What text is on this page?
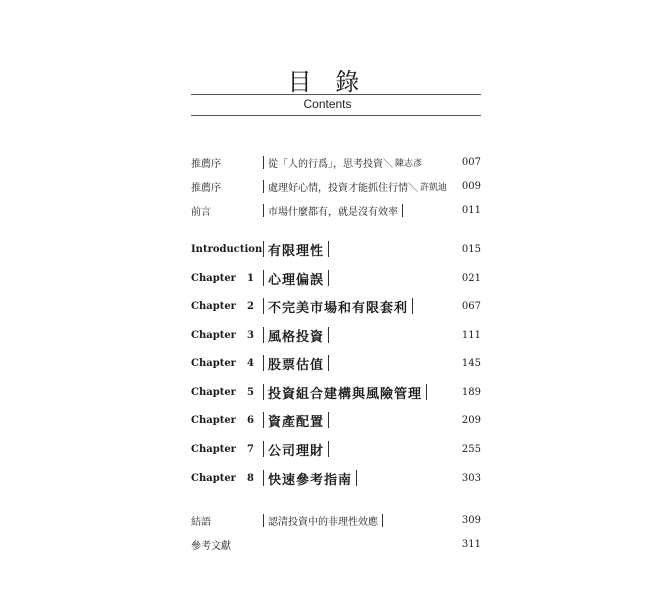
目 錄
Contents
推薦序	從「人的行爲」，思考投資＼ 陳志彥	007
推薦序	處理好心情，投資才能抓住行情＼ 許凱迪	009
前言	市場什麼都有，就是沒有效率	011
Introduction 有限理性	015
Chapter 1	心理偏誤	021
Chapter 2	不完美市場和有限套利	067
Chapter 3	風格投資	111
Chapter 4	股票估值	145
Chapter 5	投資組合建構與風險管理	189
Chapter 6	資產配置	209
Chapter 7	公司理財	255
Chapter 8	快速參考指南	303
結語	認清投資中的非理性效應	309
參考文獻	311
